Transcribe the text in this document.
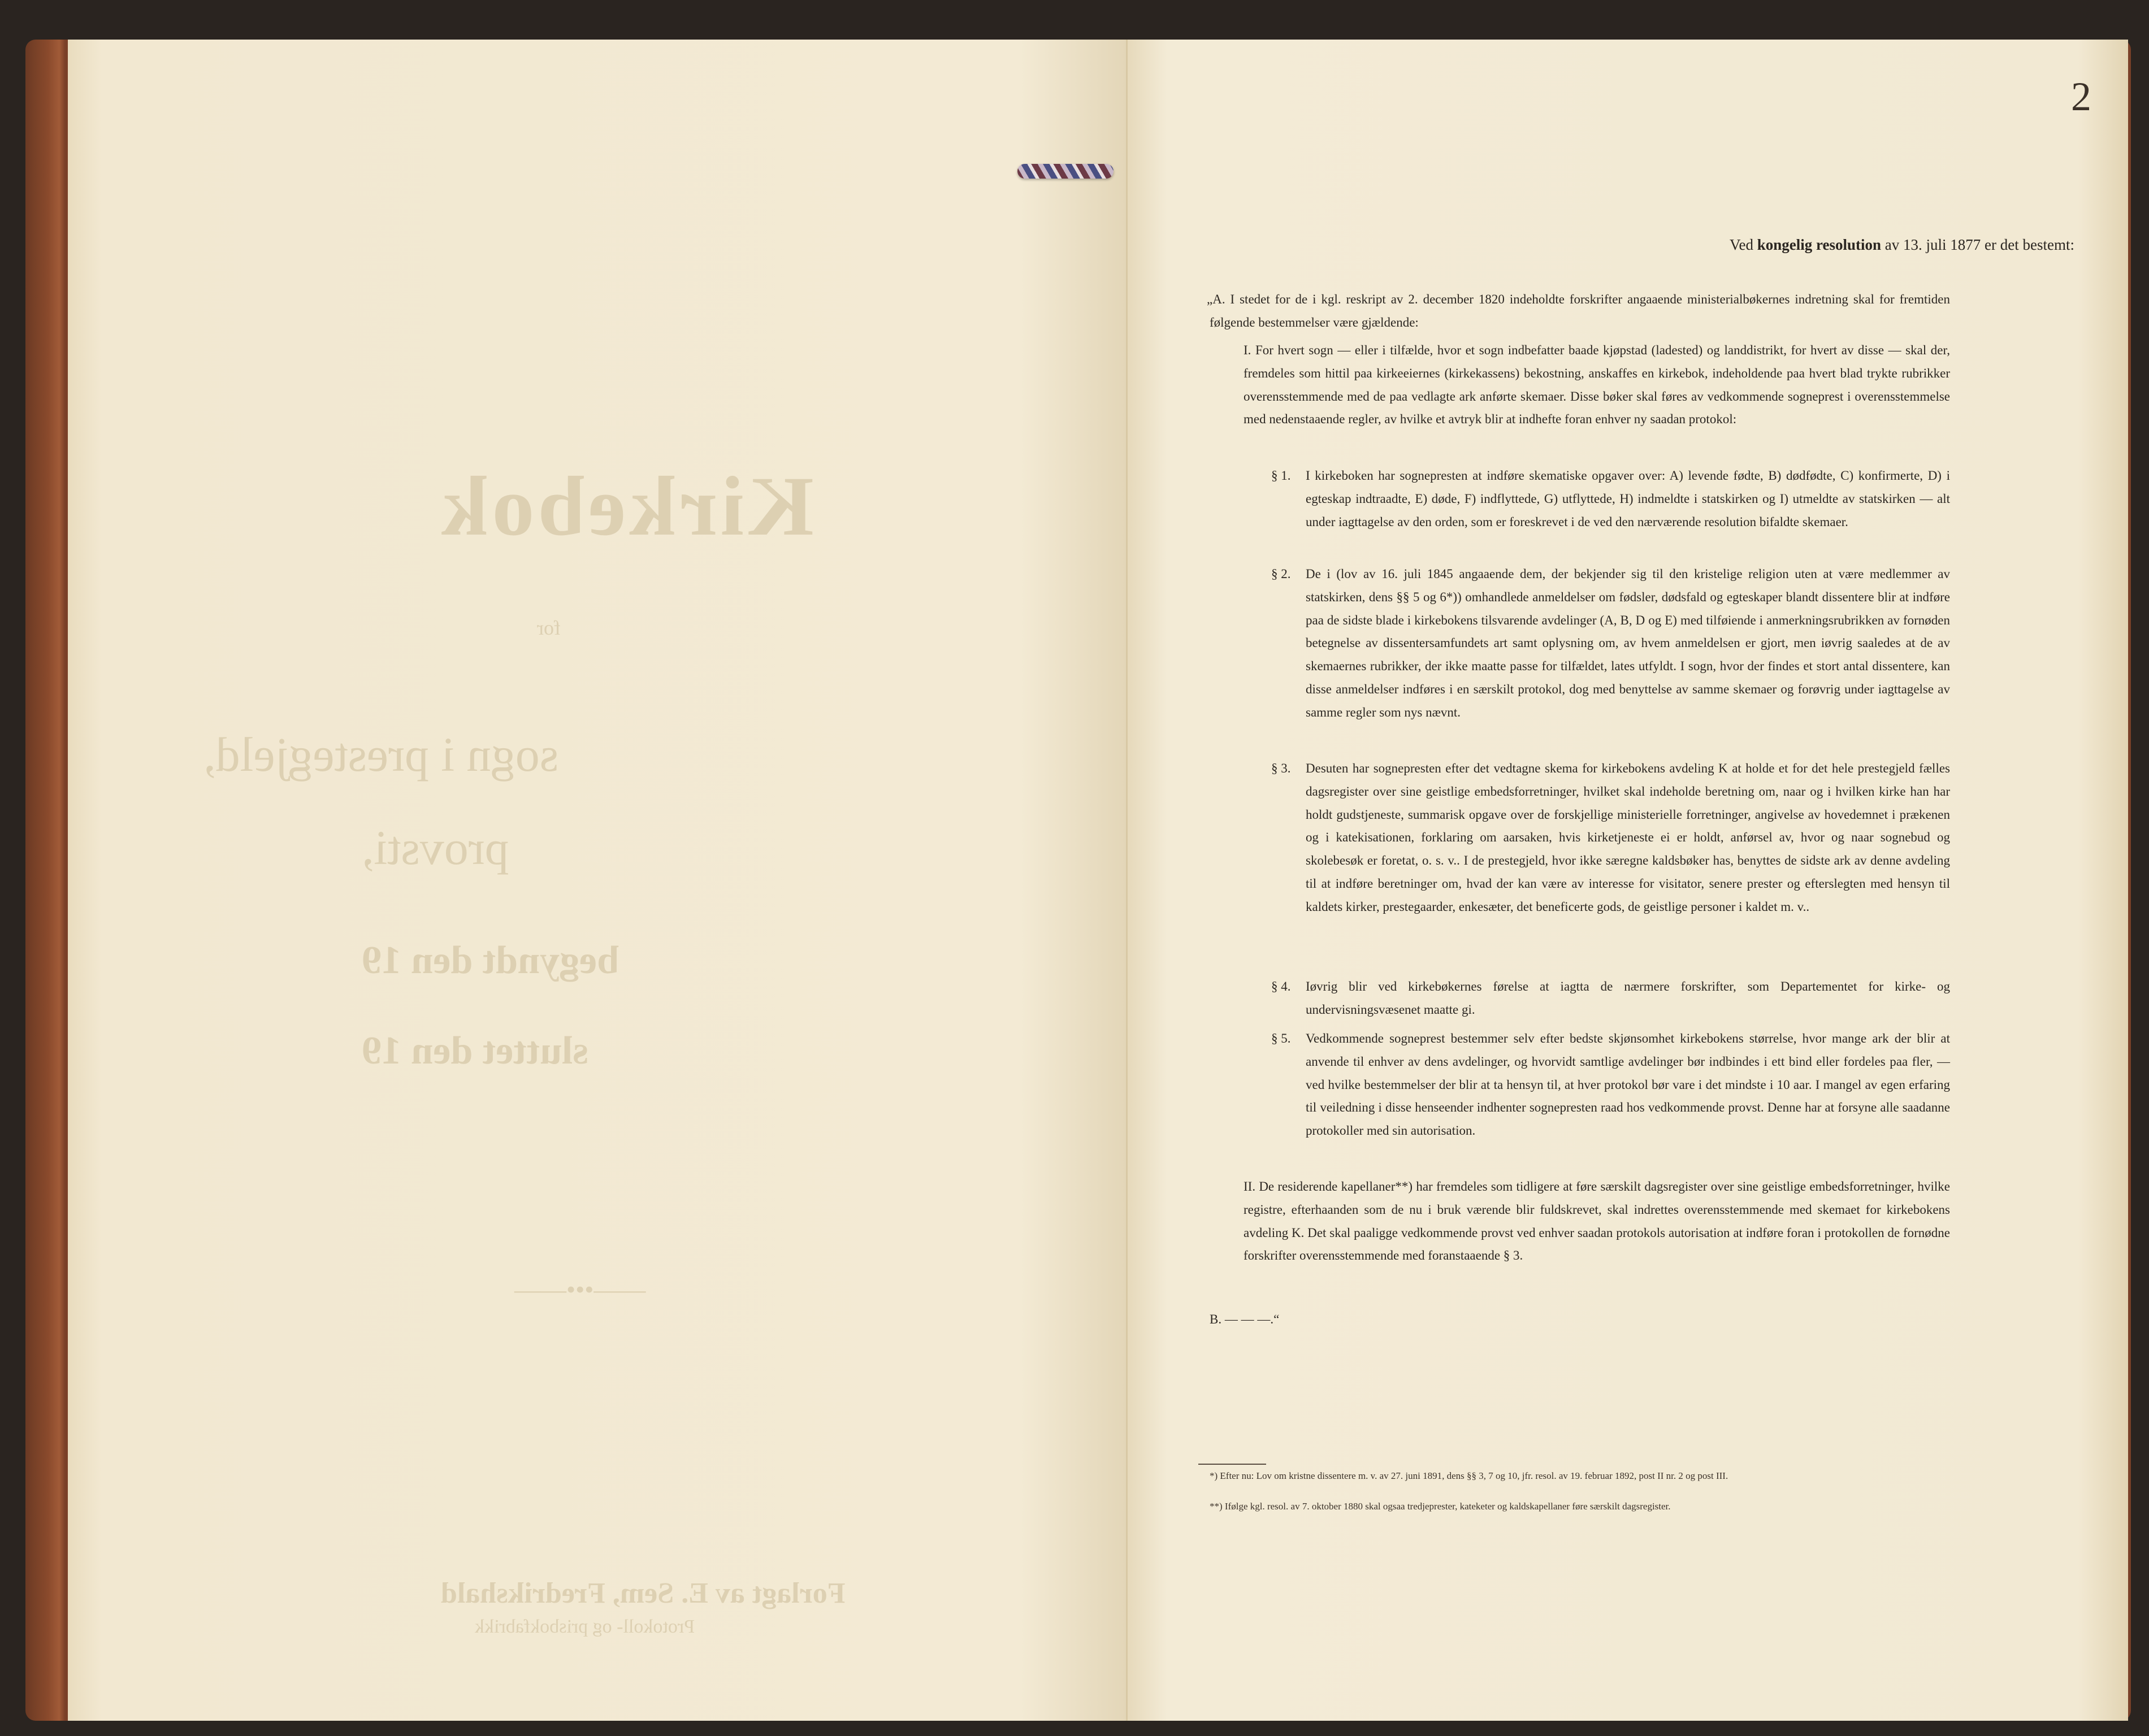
Kirkebok
for
sogn i prestegjeld,
provsti,
begyndt den 19
sluttet den 19
——•••——
Forlagt av E. Sem, Fredrikshald
Protokoll- og prisbokfabrikk
2
Ved kongelig resolution av 13. juli 1877 er det bestemt:
„A. I stedet for de i kgl. reskript av 2. december 1820 indeholdte forskrifter angaaende ministerialbøkernes indretning skal for fremtiden følgende bestemmelser være gjældende:
I. For hvert sogn — eller i tilfælde, hvor et sogn indbefatter baade kjøpstad (ladested) og landdistrikt, for hvert av disse — skal der, fremdeles som hittil paa kirkeeiernes (kirkekassens) bekostning, anskaffes en kirkebok, indeholdende paa hvert blad trykte rubrikker overensstemmende med de paa vedlagte ark anførte skemaer. Disse bøker skal føres av vedkommende sogneprest i overensstemmelse med nedenstaaende regler, av hvilke et avtryk blir at indhefte foran enhver ny saadan protokol:
§ 1.	I kirkeboken har sognepresten at indføre skematiske opgaver over: A) levende fødte, B) dødfødte, C) konfirmerte, D) i egteskap indtraadte, E) døde, F) indflyttede, G) utflyttede, H) indmeldte i statskirken og I) utmeldte av statskirken — alt under iagttagelse av den orden, som er foreskrevet i de ved den nærværende resolution bifaldte skemaer.
§ 2.	De i (lov av 16. juli 1845 angaaende dem, der bekjender sig til den kristelige religion uten at være medlemmer av statskirken, dens §§ 5 og 6*)) omhandlede anmeldelser om fødsler, dødsfald og egteskaper blandt dissentere blir at indføre paa de sidste blade i kirkebokens tilsvarende avdelinger (A, B, D og E) med tilføiende i anmerkningsrubrikken av fornøden betegnelse av dissentersamfundets art samt oplysning om, av hvem anmeldelsen er gjort, men iøvrig saaledes at de av skemaernes rubrikker, der ikke maatte passe for tilfældet, lates utfyldt. I sogn, hvor der findes et stort antal dissentere, kan disse anmeldelser indføres i en særskilt protokol, dog med benyttelse av samme skemaer og forøvrig under iagttagelse av samme regler som nys nævnt.
§ 3.	Desuten har sognepresten efter det vedtagne skema for kirkebokens avdeling K at holde et for det hele prestegjeld fælles dagsregister over sine geistlige embedsforretninger, hvilket skal indeholde beretning om, naar og i hvilken kirke han har holdt gudstjeneste, summarisk opgave over de forskjellige ministerielle forretninger, angivelse av hovedemnet i prækenen og i katekisationen, forklaring om aarsaken, hvis kirketjeneste ei er holdt, anførsel av, hvor og naar sognebud og skolebesøk er foretat, o. s. v.. I de prestegjeld, hvor ikke særegne kaldsbøker has, benyttes de sidste ark av denne avdeling til at indføre beretninger om, hvad der kan være av interesse for visitator, senere prester og efterslegten med hensyn til kaldets kirker, prestegaarder, enkesæter, det beneficerte gods, de geistlige personer i kaldet m. v..
§ 4.	Iøvrig blir ved kirkebøkernes førelse at iagtta de nærmere forskrifter, som Departementet for kirke- og undervisningsvæsenet maatte gi.
§ 5.	Vedkommende sogneprest bestemmer selv efter bedste skjønsomhet kirkebokens størrelse, hvor mange ark der blir at anvende til enhver av dens avdelinger, og hvorvidt samtlige avdelinger bør indbindes i ett bind eller fordeles paa fler, — ved hvilke bestemmelser der blir at ta hensyn til, at hver protokol bør vare i det mindste i 10 aar. I mangel av egen erfaring til veiledning i disse henseender indhenter sognepresten raad hos vedkommende provst. Denne har at forsyne alle saadanne protokoller med sin autorisation.
II. De residerende kapellaner**) har fremdeles som tidligere at føre særskilt dagsregister over sine geistlige embedsforretninger, hvilke registre, efterhaanden som de nu i bruk værende blir fuldskrevet, skal indrettes overensstemmende med skemaet for kirkebokens avdeling K. Det skal paaligge vedkommende provst ved enhver saadan protokols autorisation at indføre foran i protokollen de fornødne forskrifter overensstemmende med foranstaaende § 3.
B. — — —.“
*) Efter nu: Lov om kristne dissentere m. v. av 27. juni 1891, dens §§ 3, 7 og 10, jfr. resol. av 19. februar 1892, post II nr. 2 og post III.
**) Ifølge kgl. resol. av 7. oktober 1880 skal ogsaa tredjeprester, kateketer og kaldskapellaner føre særskilt dagsregister.
